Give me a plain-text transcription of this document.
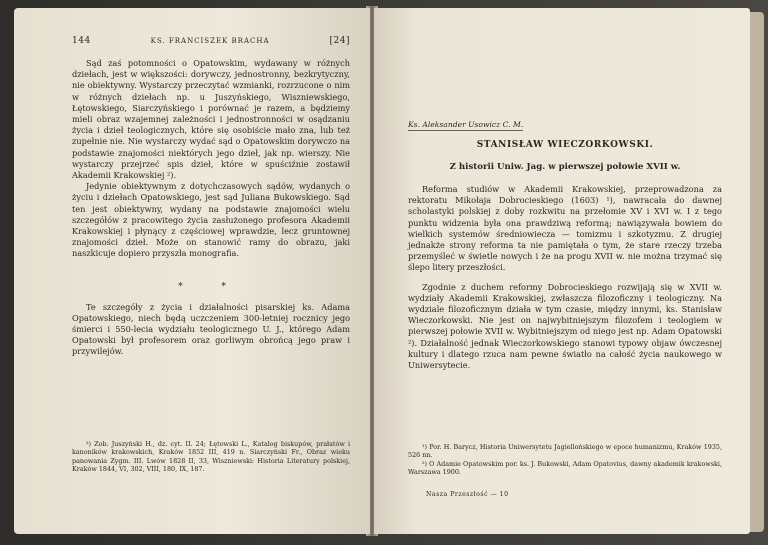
144	KS. FRANCISZEK BRACHA	[24]

Sąd zaś potomności o Opatowskim, wydawany w różnych dziełach, jest w większości: dorywczy, jednostronny, bezkrytyczny, nie obiektywny. Wystarczy przeczytać wzmianki, rozrzucone o nim w różnych dziełach np. u Juszyńskiego, Wiszniewskiego, Łętowskiego, Siarczyńskiego i porównać je razem, a będziemy mieli obraz wzajemnej zależności i jednostronności w osądzaniu życia i dzieł teologicznych, które się osobiście mało zna, lub też zupełnie nie. Nie wystarczy wydać sąd o Opatowskim dorywczo na podstawie znajomości niektórych jego dzieł, jak np. wierszy. Nie wystarczy przejrzeć spis dzieł, które w spuściźnie zostawił Akademii Krakowskiej ²).

Jedynie obiektywnym z dotychczasowych sądów, wydanych o życiu i dziełach Opatowskiego, jest sąd Juliana Bukowskiego. Sąd ten jest obiektywny, wydany na podstawie znajomości wielu szczegółów z pracowitego życia zasłużonego profesora Akademii Krakowskiej i płynący z częściowej wprawdzie, lecz gruntownej znajomości dzieł. Może on stanowić ramy do obrazu, jaki naszkicuje dopiero przyszła monografia.

* *

Te szczegóły z życia i działalności pisarskiej ks. Adama Opatowskiego, niech będą uczczeniem 300-letniej rocznicy jego śmierci i 550-lecia wydziału teologicznego U. J., którego Adam Opatowski był profesorem oraz gorliwym obrońcą jego praw i przywilejów.

²) Zob. Juszyński H., dz. cyt. II. 24; Łętowski L., Katalog biskupów, prałatów i kanoników krakowskich, Kraków 1852 III, 419 n. Siarczyński Fr., Obraz wieku panowania Zygm. III. Lwów 1828 II, 33, Wiszniewski: Historia Literatury polskiej, Kraków 1844, VI, 302, VIII, 180, IX, 187.

Ks. Aleksander Usowicz C. M.
STANISŁAW WIECZORKOWSKI.
Z historii Uniw. Jag. w pierwszej połowie XVII w.

Reforma studiów w Akademii Krakowskiej, przeprowadzona za rektoratu Mikołaja Dobrocieskiego (1603) ¹), nawracała do dawnej scholastyki polskiej z doby rozkwitu na przełomie XV i XVI w. I z tego punktu widzenia była ona prawdziwą reformą; nawiązywała bowiem do wielkich systemów średniowiecza — tomizmu i szkotyzmu. Z drugiej jednakże strony reforma ta nie pamiętała o tym, że stare rzeczy trzeba przemyśleć w świetle nowych i że na progu XVII w. nie można trzymać się ślepo litery przeszłości.

Zgodnie z duchem reformy Dobrocieskiego rozwijają się w XVII w. wydziały Akademii Krakowskiej, zwłaszcza filozoficzny i teologiczny. Na wydziale filozoficznym działa w tym czasie, między innymi, ks. Stanisław Wieczorkowski. Nie jest on najwybitniejszym filozofem i teologiem w pierwszej połowie XVII w. Wybitniejszym od niego jest np. Adam Opatowski ²). Działalność jednak Wieczorkowskiego stanowi typowy objaw ówczesnej kultury i dlatego rzuca nam pewne światło na całość życia naukowego w Uniwersytecie.

¹) Por. H. Barycz, Historia Uniwersytetu Jagiellońskiego w epoce humanizmu, Kraków 1935, 526 nn.

²) O Adamie Opatowskim por. ks. J. Bukowski, Adam Opatovius, dawny akademik krakowski, Warszawa 1900.

Nasza Przeszłość — 10
